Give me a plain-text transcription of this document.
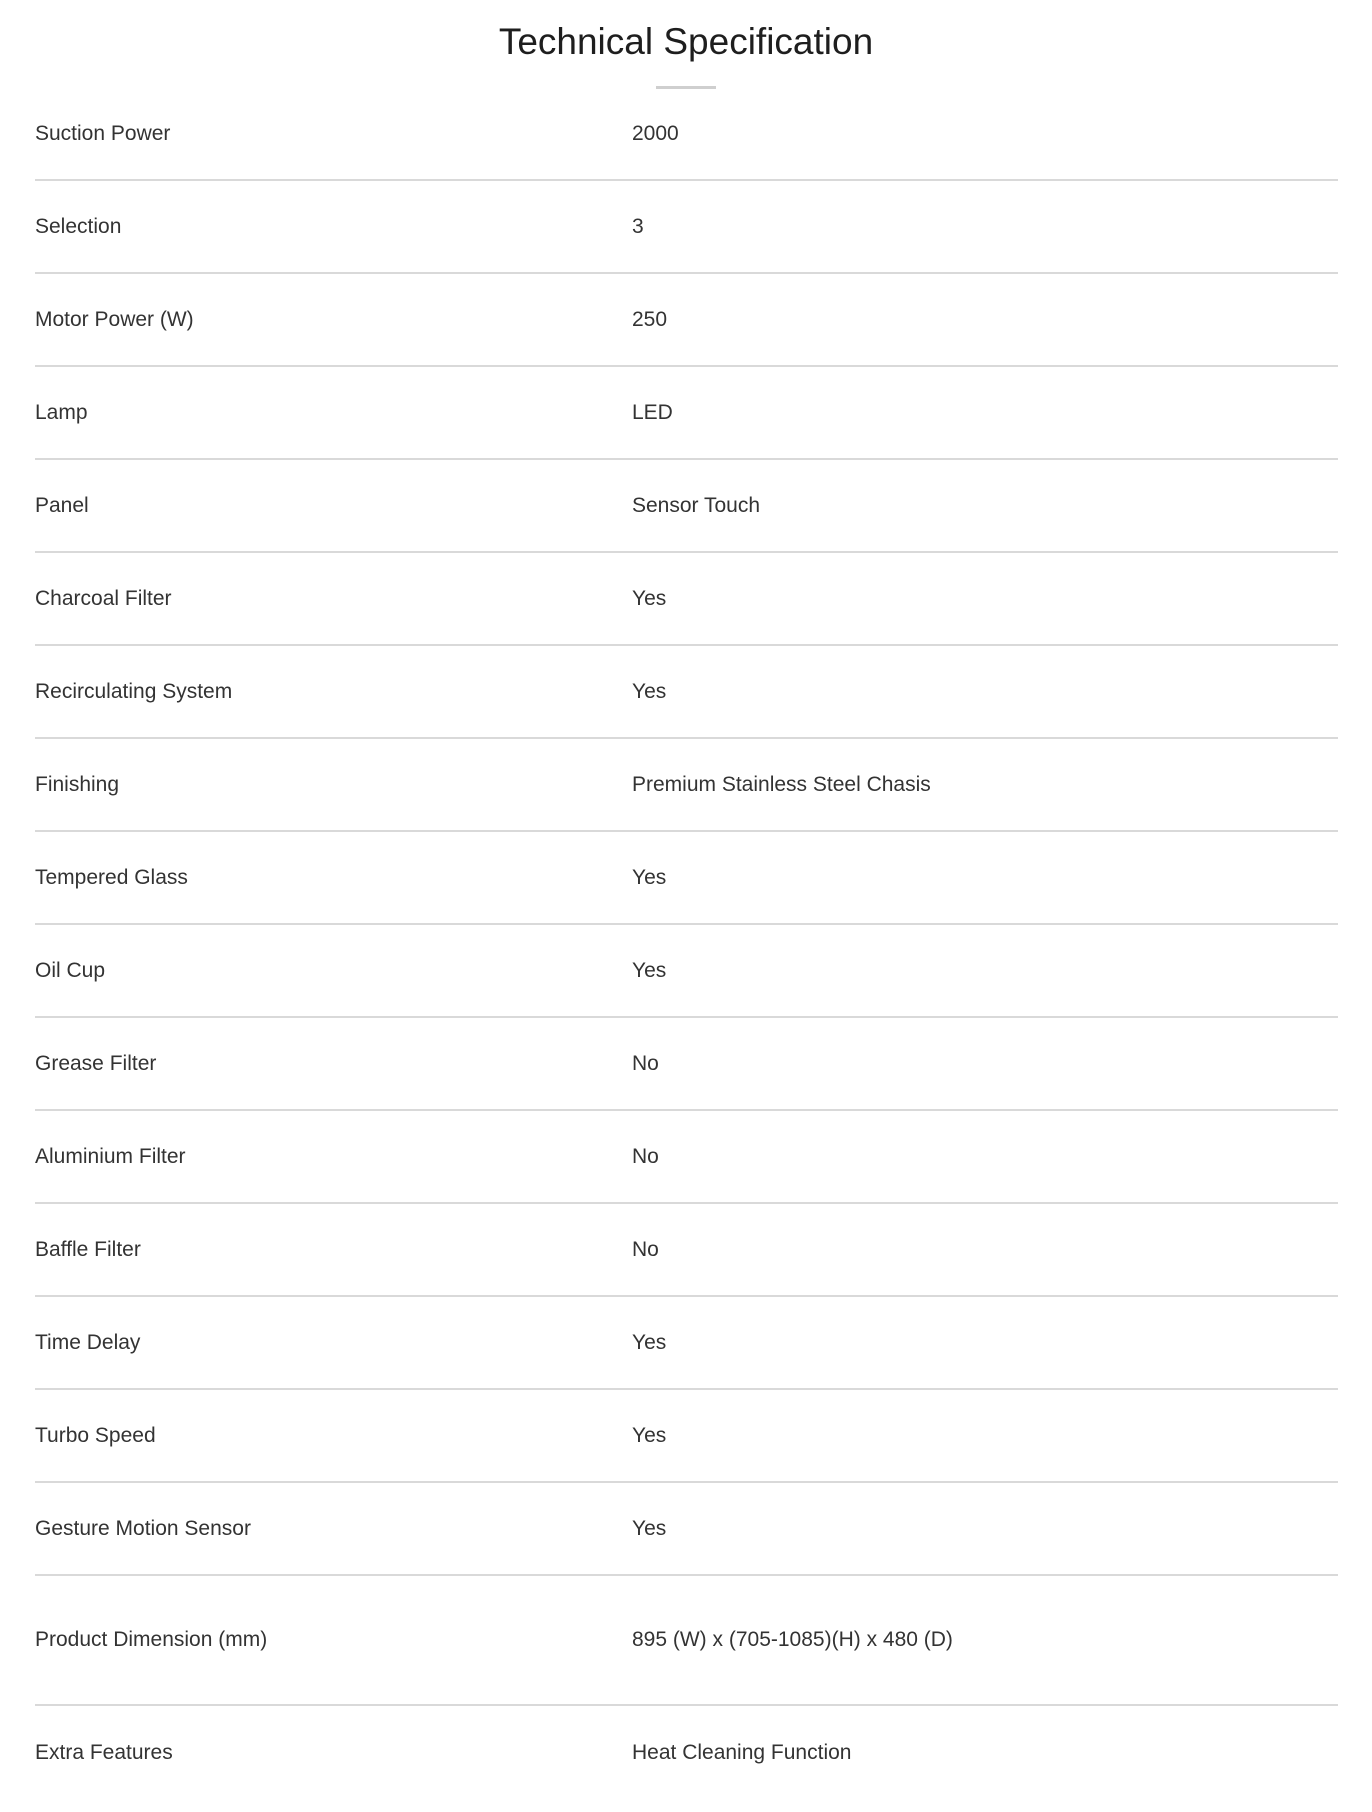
Technical Specification
Suction Power	2000
Selection	3
Motor Power (W)	250
Lamp	LED
Panel	Sensor Touch
Charcoal Filter	Yes
Recirculating System	Yes
Finishing	Premium Stainless Steel Chasis
Tempered Glass	Yes
Oil Cup	Yes
Grease Filter	No
Aluminium Filter	No
Baffle Filter	No
Time Delay	Yes
Turbo Speed	Yes
Gesture Motion Sensor	Yes
Product Dimension (mm)	895 (W) x (705-1085)(H) x 480 (D)
Extra Features	Heat Cleaning Function
